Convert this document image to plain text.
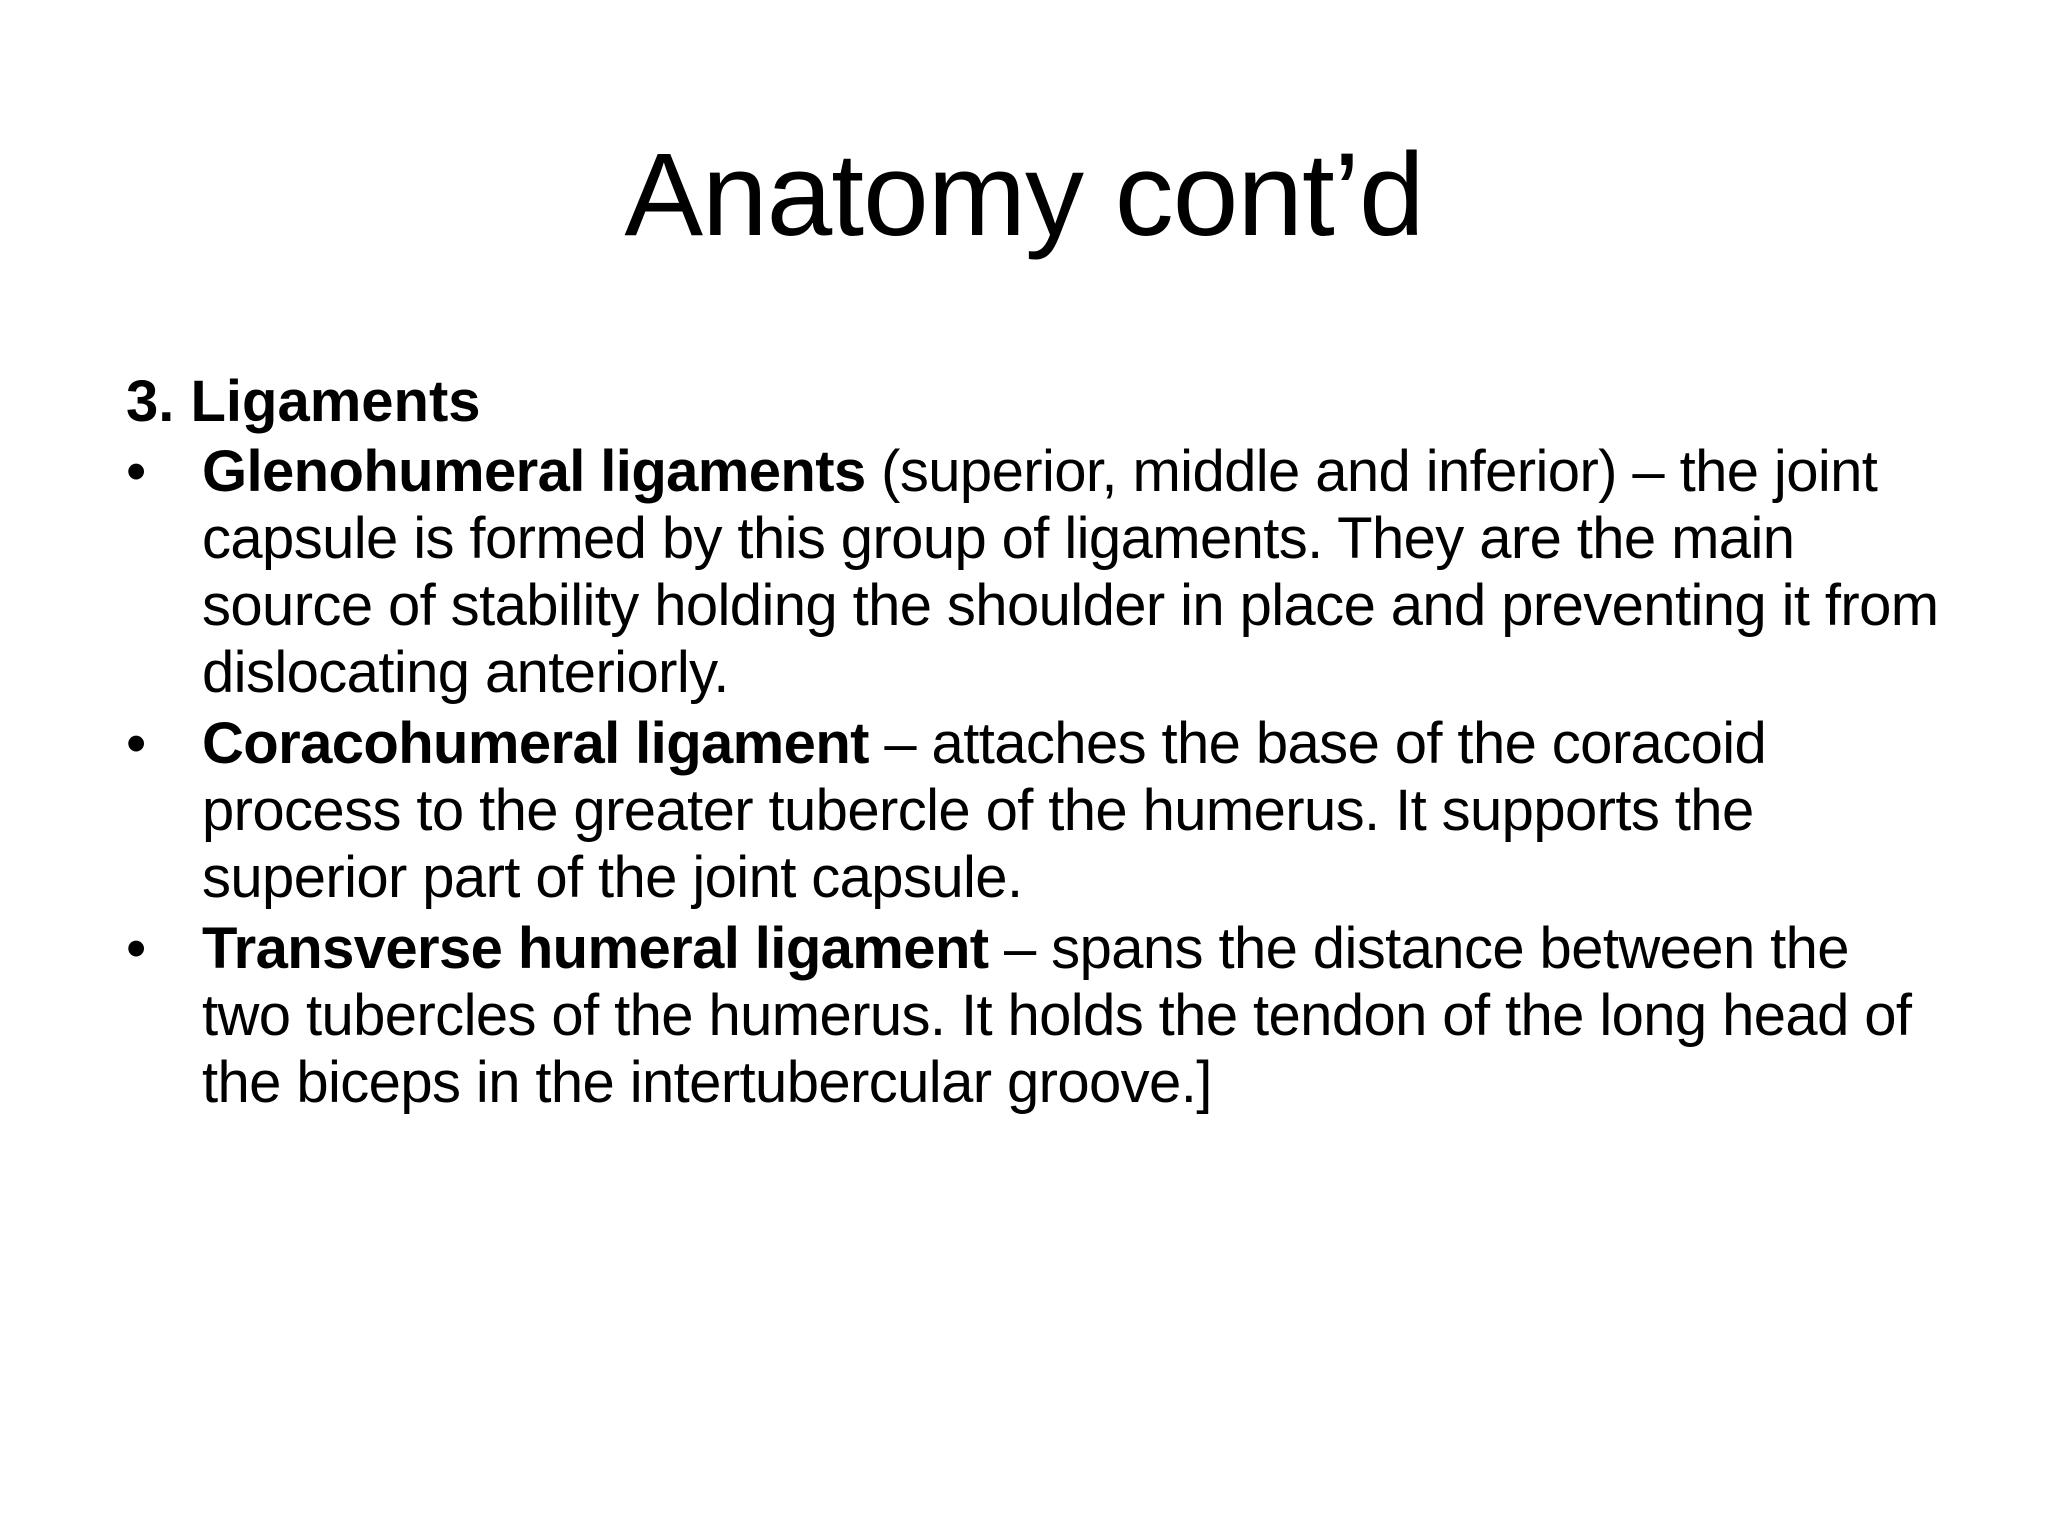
Anatomy cont’d
3. Ligaments
• Glenohumeral ligaments (superior, middle and inferior) – the joint capsule is formed by this group of ligaments. They are the main source of stability holding the shoulder in place and preventing it from dislocating anteriorly.
• Coracohumeral ligament – attaches the base of the coracoid process to the greater tubercle of the humerus. It supports the superior part of the joint capsule.
• Transverse humeral ligament – spans the distance between the two tubercles of the humerus. It holds the tendon of the long head of the biceps in the intertubercular groove.]
